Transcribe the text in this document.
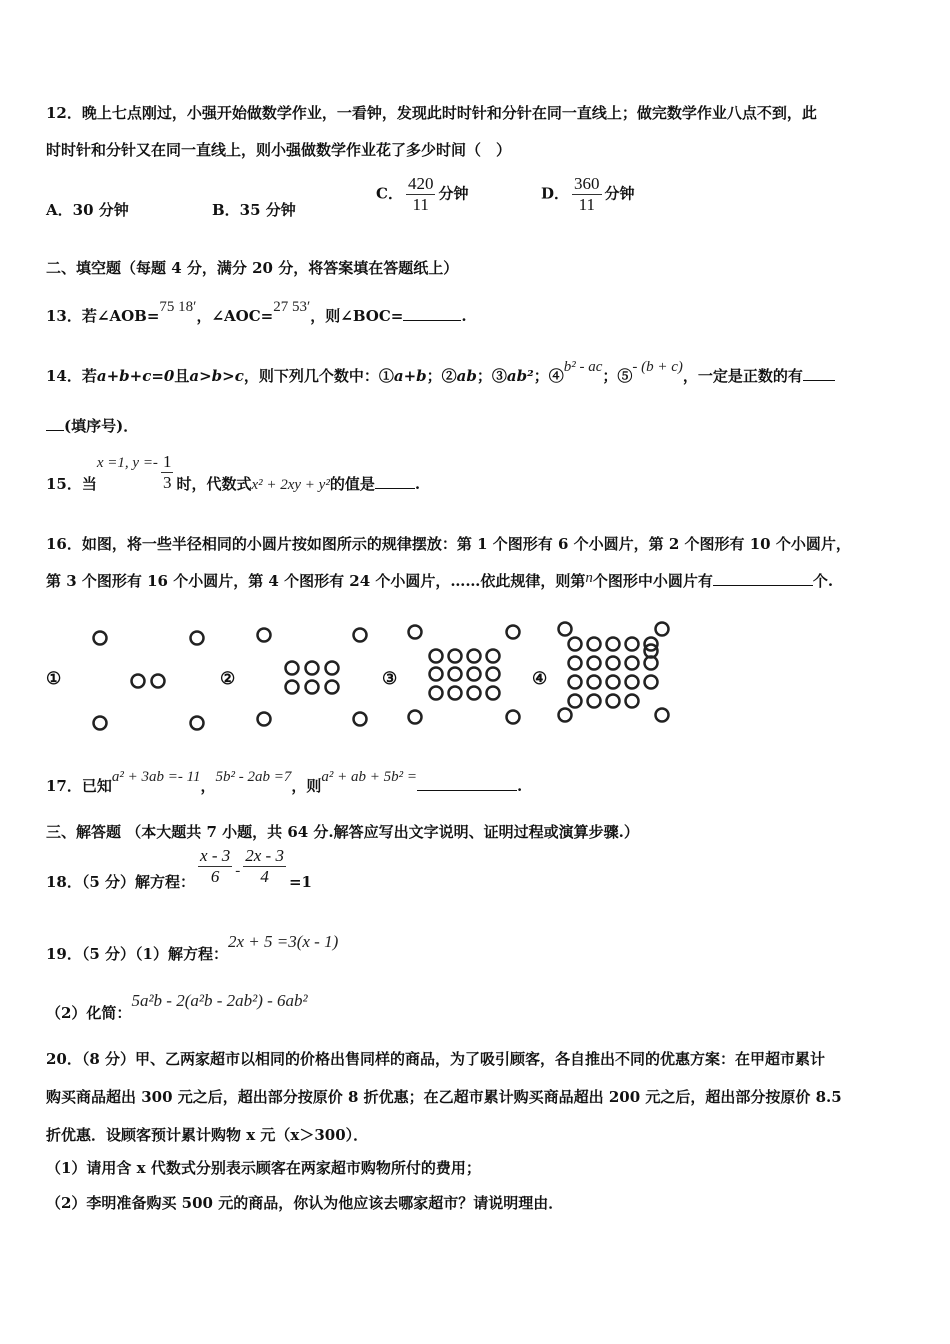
12．晚上七点刚过，小强开始做数学作业，一看钟，发现此时时针和分针在同一直线上；做完数学作业八点不到，此
时时针和分针又在同一直线上，则小强做数学作业花了多少时间（　）
A．30 分钟	B．35 分钟
C． $\frac{420}{11}$ 分钟	D． $\frac{360}{11}$ 分钟
二、填空题（每题 4 分，满分 20 分，将答案填在答题纸上）
13．若∠AOB=75 18′，∠AOC=27 53′，则∠BOC=	.
14．若a+b+c=0且a>b>c，则下列几个数中：①a+b；②ab；③ab²；④b² - ac；⑤- (b + c)，一定是正数的有
(填序号)．
15．当x =1, $y =- \frac{1}{3}$ 时，代数式x² + 2xy + y²的值是	.
16．如图，将一些半径相同的小圆片按如图所示的规律摆放：第 1 个图形有 6 个小圆片，第 2 个图形有 10 个小圆片，
第 3 个图形有 16 个小圆片，第 4 个图形有 24 个小圆片，……依此规律，则第n个图形中小圆片有	个.
①	②	③	④
17．已知a² + 3ab =- 11，5b² - 2ab =7，则a² + ab + 5b² =	.
三、解答题 （本大题共 7 小题，共 64 分.解答应写出文字说明、证明过程或演算步骤.）
18．（5 分）解方程： $\frac{x - 3}{6} - \frac{2x - 3}{4} =1$
19．（5 分）（1）解方程：2x + 5 =3(x - 1)
（2）化简：5a²b - 2(a²b - 2ab²) - 6ab²
20．（8 分）甲、乙两家超市以相同的价格出售同样的商品，为了吸引顾客，各自推出不同的优惠方案：在甲超市累计
购买商品超出 300 元之后，超出部分按原价 8 折优惠；在乙超市累计购买商品超出 200 元之后，超出部分按原价 8.5
折优惠．设顾客预计累计购物 x 元（x＞300）．
（1）请用含 x 代数式分别表示顾客在两家超市购物所付的费用；
（2）李明准备购买 500 元的商品，你认为他应该去哪家超市？请说明理由．
